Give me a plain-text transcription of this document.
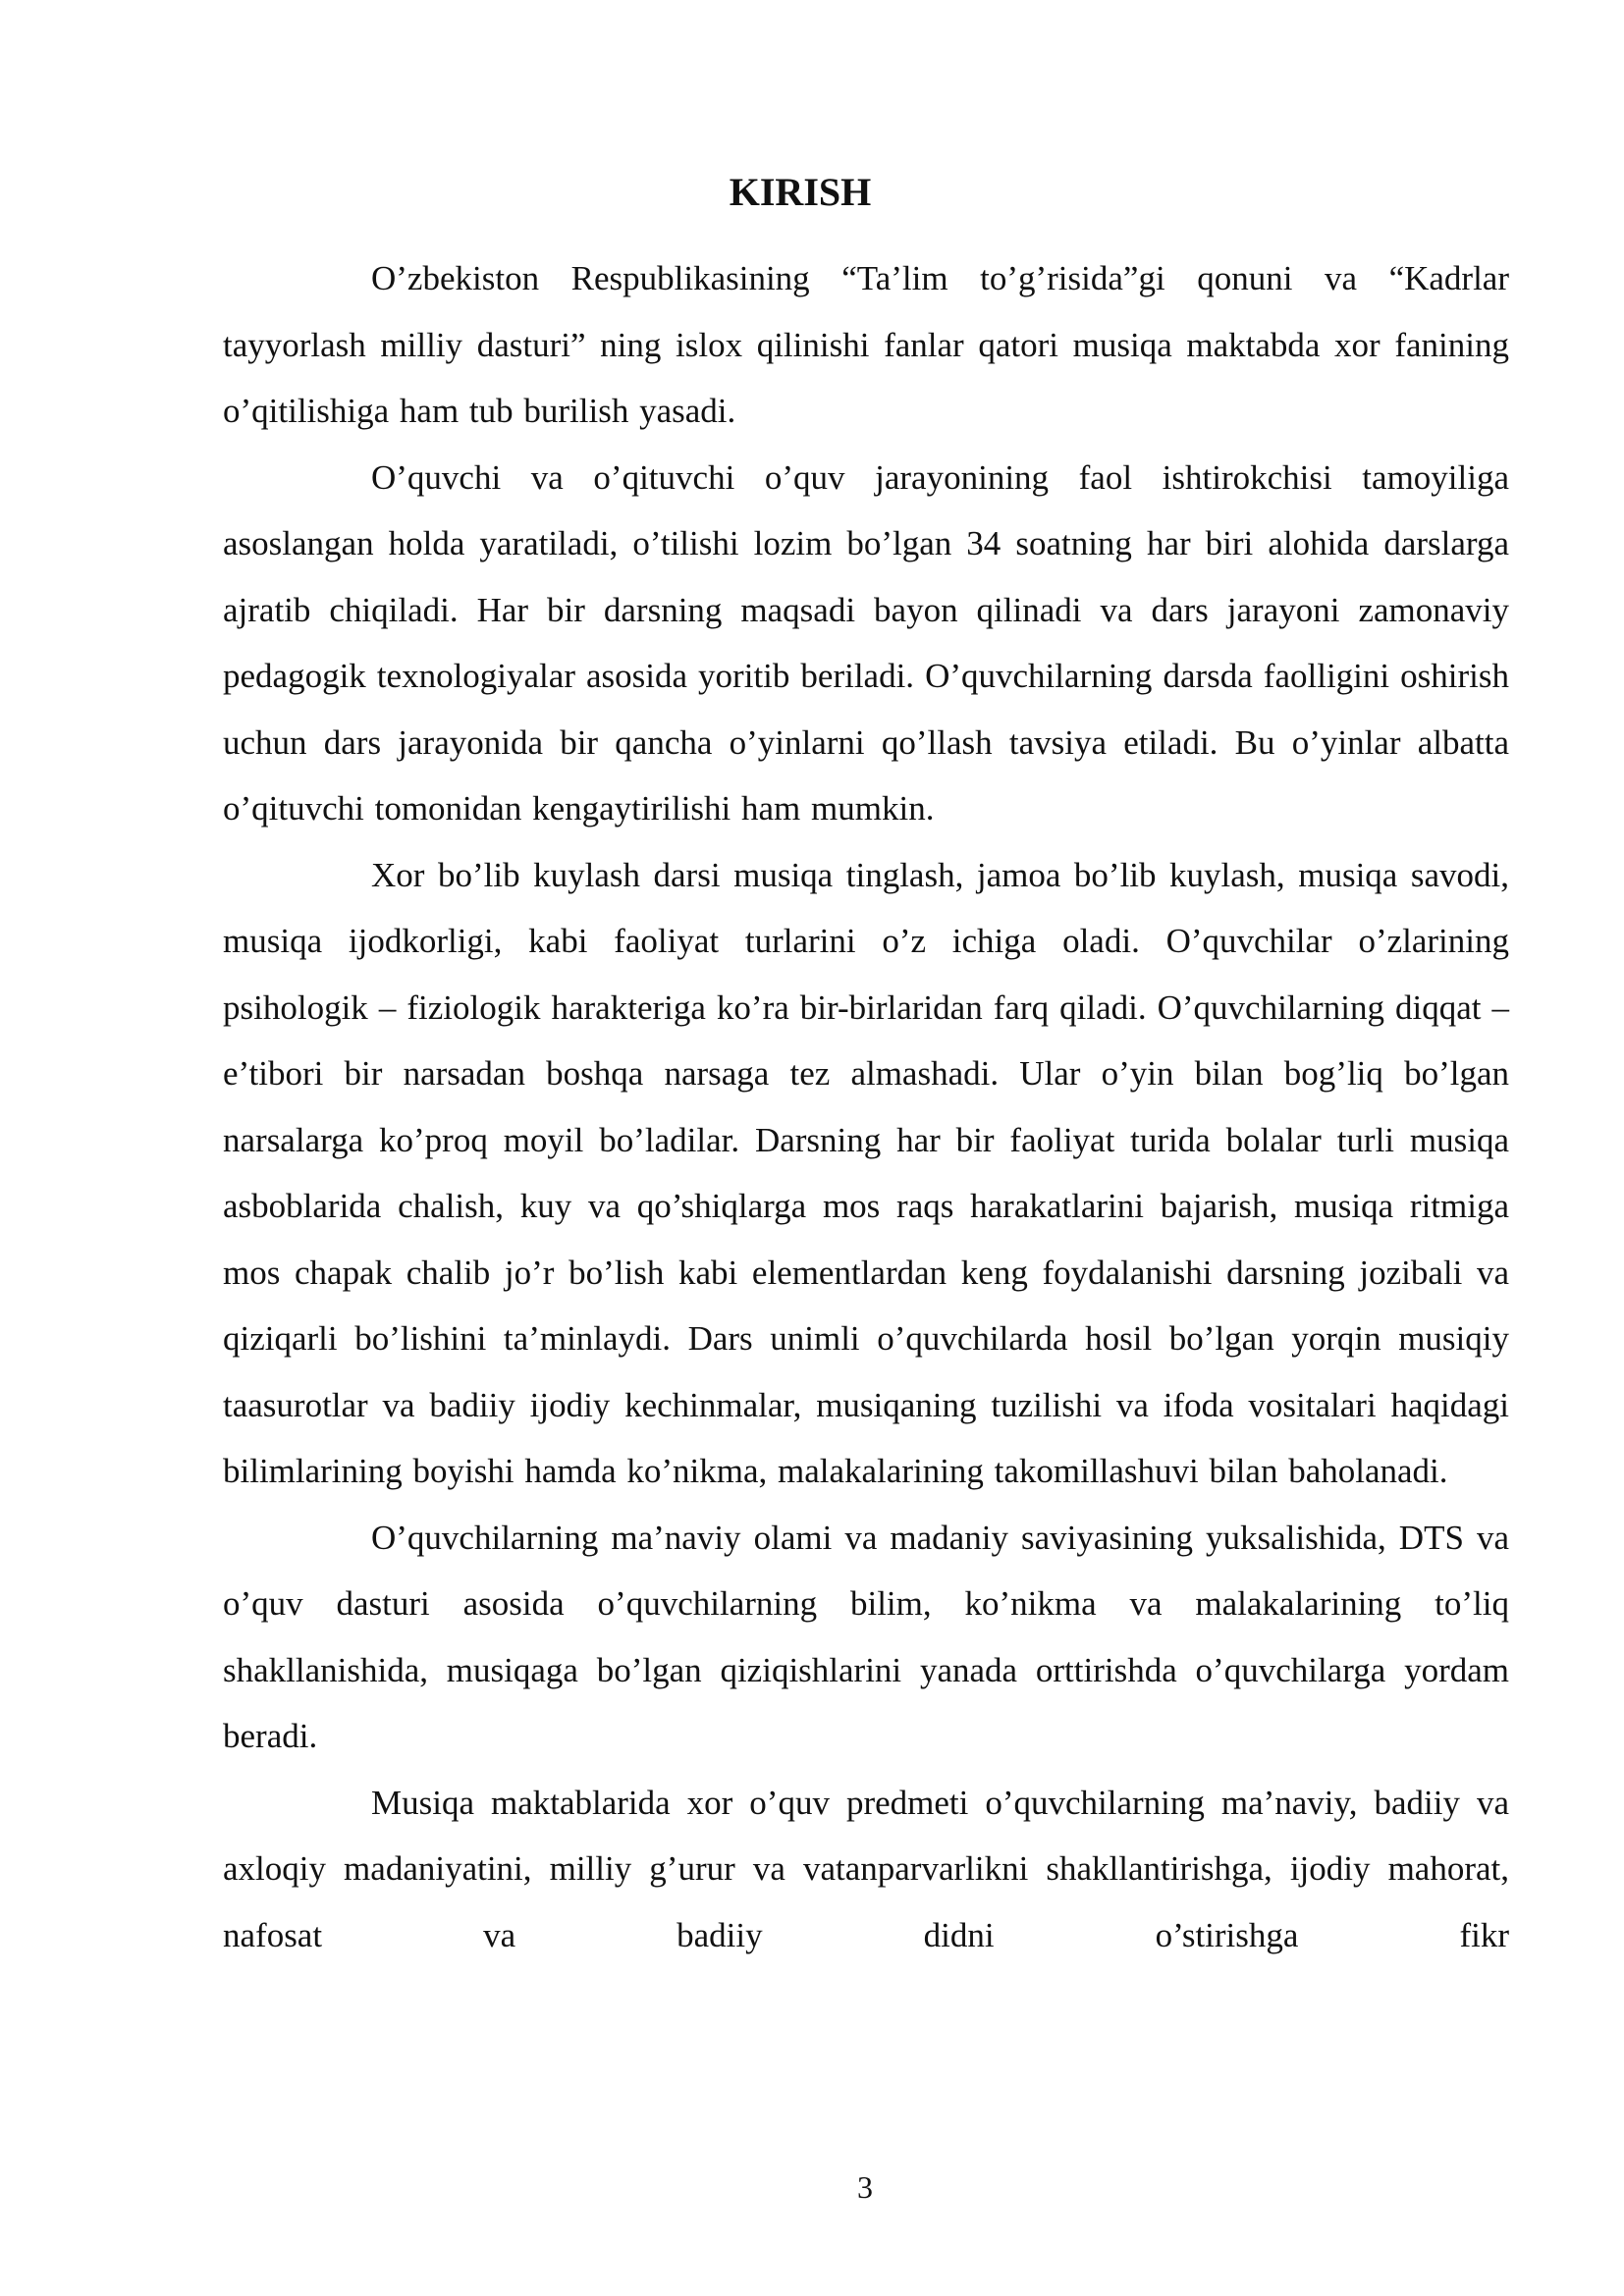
KIRISH

O’zbekiston Respublikasining “Ta’lim to’g’risida”gi qonuni va “Kadrlar tayyorlash milliy dasturi” ning islox qilinishi fanlar qatori musiqa maktabda xor fanining o’qitilishiga ham tub burilish yasadi.

O’quvchi va o’qituvchi o’quv jarayonining faol ishtirokchisi tamoyiliga asoslangan holda yaratiladi, o’tilishi lozim bo’lgan 34 soatning har biri alohida darslarga ajratib chiqiladi. Har bir darsning maqsadi bayon qilinadi va dars jarayoni zamonaviy pedagogik texnologiyalar asosida yoritib beriladi. O’quvchilarning darsda faolligini oshirish uchun dars jarayonida bir qancha o’yinlarni qo’llash tavsiya etiladi. Bu o’yinlar albatta o’qituvchi tomonidan kengaytirilishi ham mumkin.

Xor bo’lib kuylash darsi musiqa tinglash, jamoa bo’lib kuylash, musiqa savodi, musiqa ijodkorligi, kabi faoliyat turlarini o’z ichiga oladi. O’quvchilar o’zlarining psihologik – fiziologik harakteriga ko’ra bir-birlaridan farq qiladi. O’quvchilarning diqqat – e’tibori bir narsadan boshqa narsaga tez almashadi. Ular o’yin bilan bog’liq bo’lgan narsalarga ko’proq moyil bo’ladilar. Darsning har bir faoliyat turida bolalar turli musiqa asboblarida chalish, kuy va qo’shiqlarga mos raqs harakatlarini bajarish, musiqa ritmiga mos chapak chalib jo’r bo’lish kabi elementlardan keng foydalanishi darsning jozibali va qiziqarli bo’lishini ta’minlaydi. Dars unimli o’quvchilarda hosil bo’lgan yorqin musiqiy taasurotlar va badiiy ijodiy kechinmalar, musiqaning tuzilishi va ifoda vositalari haqidagi bilimlarining boyishi hamda ko’nikma, malakalarining takomillashuvi bilan baholanadi.

O’quvchilarning ma’naviy olami va madaniy saviyasining yuksalishida, DTS va o’quv dasturi asosida o’quvchilarning bilim, ko’nikma va malakalarining to’liq shakllanishida, musiqaga bo’lgan qiziqishlarini yanada orttirishda o’quvchilarga yordam beradi.

Musiqa maktablarida xor o’quv predmeti o’quvchilarning ma’naviy, badiiy va axloqiy madaniyatini, milliy g’urur va vatanparvarlikni shakllantirishga, ijodiy mahorat, nafosat va badiiy didni o’stirishga fikr

3
